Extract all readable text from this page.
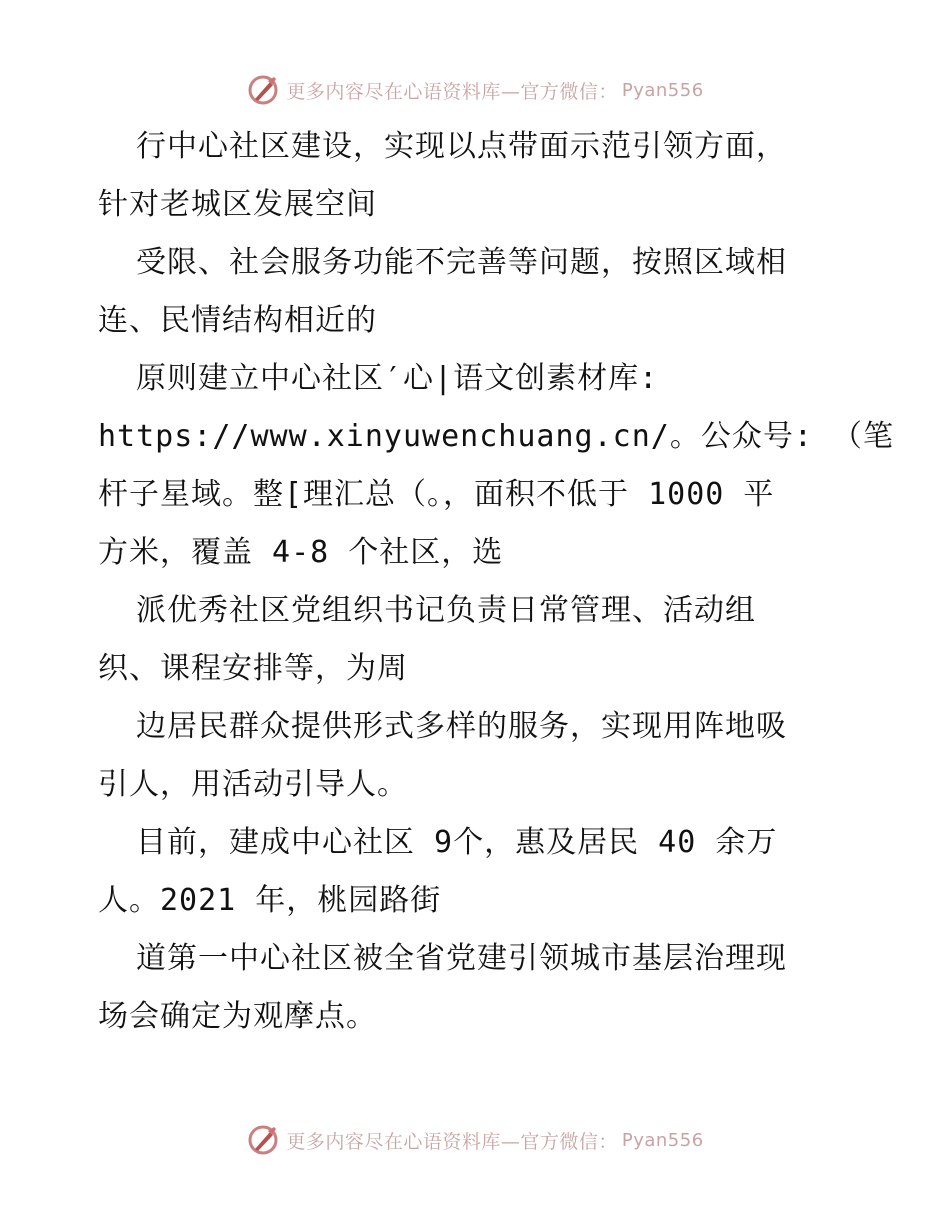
更多内容尽在心语资料库—官方微信： Pyan556
行中心社区建设，实现以点带面示范引领方面，
针对老城区发展空间
受限、社会服务功能不完善等问题，按照区域相
连、民情结构相近的
原则建立中心社区′心|语文创素材库:
https://www.xinyuwenchuang.cn/。公众号: （笔
杆子星域。整[理汇总（。，面积不低于 1000 平
方米，覆盖 4-8 个社区，选
派优秀社区党组织书记负责日常管理、活动组
织、课程安排等，为周
边居民群众提供形式多样的服务，实现用阵地吸
引人，用活动引导人。
目前，建成中心社区 9个，惠及居民 40 余万
人。2021 年，桃园路街
道第一中心社区被全省党建引领城市基层治理现
场会确定为观摩点。
更多内容尽在心语资料库—官方微信： Pyan556
